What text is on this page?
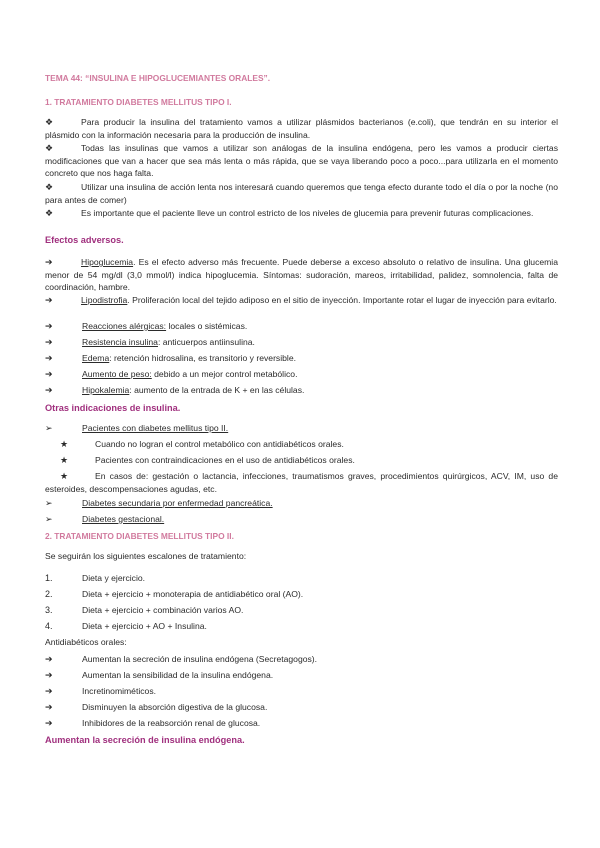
TEMA 44: “INSULINA E HIPOGLUCEMIANTES ORALES”.
1. TRATAMIENTO DIABETES MELLITUS TIPO I.
❖	Para producir la insulina del tratamiento vamos a utilizar plásmidos bacterianos (e.coli), que tendrán en su interior el plásmido con la información necesaria para la producción de insulina.
❖	Todas las insulinas que vamos a utilizar son análogas de la insulina endógena, pero les vamos a producir ciertas modificaciones que van a hacer que sea más lenta o más rápida, que se vaya liberando poco a poco...para utilizarla en el momento concreto que nos haga falta.
❖	Utilizar una insulina de acción lenta nos interesará cuando queremos que tenga efecto durante todo el día o por la noche (no para antes de comer)
❖	Es importante que el paciente lleve un control estricto de los niveles de glucemia para prevenir futuras complicaciones.
Efectos adversos.
➔	Hipoglucemia. Es el efecto adverso más frecuente. Puede deberse a exceso absoluto o relativo de insulina. Una glucemia menor de 54 mg/dl (3,0 mmol/l) indica hipoglucemia. Síntomas: sudoración, mareos, irritabilidad, palidez, somnolencia, falta de coordinación, hambre.
➔	Lipodistrofia. Proliferación local del tejido adiposo en el sitio de inyección. Importante rotar el lugar de inyección para evitarlo.
➔	Reacciones alérgicas: locales o sistémicas.
➔	Resistencia insulina: anticuerpos antiinsulina.
➔	Edema: retención hidrosalina, es transitorio y reversible.
➔	Aumento de peso: debido a un mejor control metabólico.
➔	Hipokalemia: aumento de la entrada de K + en las células.
Otras indicaciones de insulina.
➢	Pacientes con diabetes mellitus tipo II.
★	Cuando no logran el control metabólico con antidiabéticos orales.
★	Pacientes con contraindicaciones en el uso de antidiabéticos orales.
★	En casos de: gestación o lactancia, infecciones, traumatismos graves, procedimientos quirúrgicos, ACV, IM, uso de esteroides, descompensaciones agudas, etc.
➢	Diabetes secundaria por enfermedad pancreática.
➢	Diabetes gestacional.
2. TRATAMIENTO DIABETES MELLITUS TIPO II.
Se seguirán los siguientes escalones de tratamiento:
1.	Dieta y ejercicio.
2.	Dieta + ejercicio + monoterapia de antidiabético oral (AO).
3.	Dieta + ejercicio + combinación varios AO.
4.	Dieta + ejercicio + AO + Insulina.
Antidiabéticos orales:
➔	Aumentan la secreción de insulina endógena (Secretagogos).
➔	Aumentan la sensibilidad de la insulina endógena.
➔	Incretinomiméticos.
➔	Disminuyen la absorción digestiva de la glucosa.
➔	Inhibidores de la reabsorción renal de glucosa.
Aumentan la secreción de insulina endógena.
